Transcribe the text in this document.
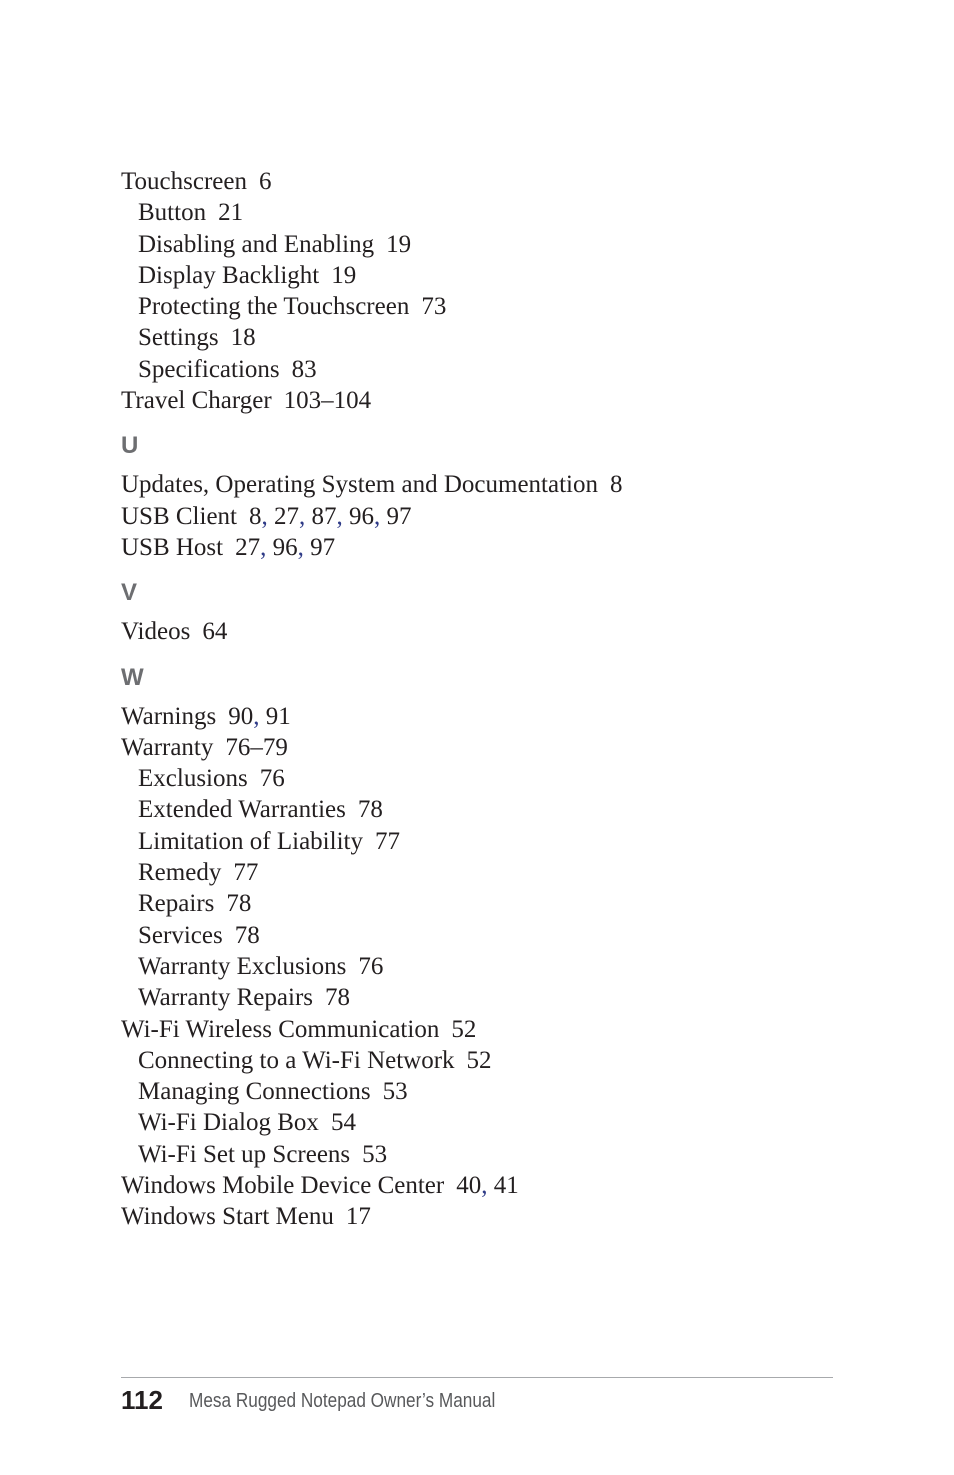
Touchscreen 6
Button 21
Disabling and Enabling 19
Display Backlight 19
Protecting the Touchscreen 73
Settings 18
Specifications 83
Travel Charger 103–104
U
Updates, Operating System and Documentation 8
USB Client 8, 27, 87, 96, 97
USB Host 27, 96, 97
V
Videos 64
W
Warnings 90, 91
Warranty 76–79
Exclusions 76
Extended Warranties 78
Limitation of Liability 77
Remedy 77
Repairs 78
Services 78
Warranty Exclusions 76
Warranty Repairs 78
Wi-Fi Wireless Communication 52
Connecting to a Wi-Fi Network 52
Managing Connections 53
Wi-Fi Dialog Box 54
Wi-Fi Set up Screens 53
Windows Mobile Device Center 40, 41
Windows Start Menu 17
112 Mesa Rugged Notepad Owner’s Manual
